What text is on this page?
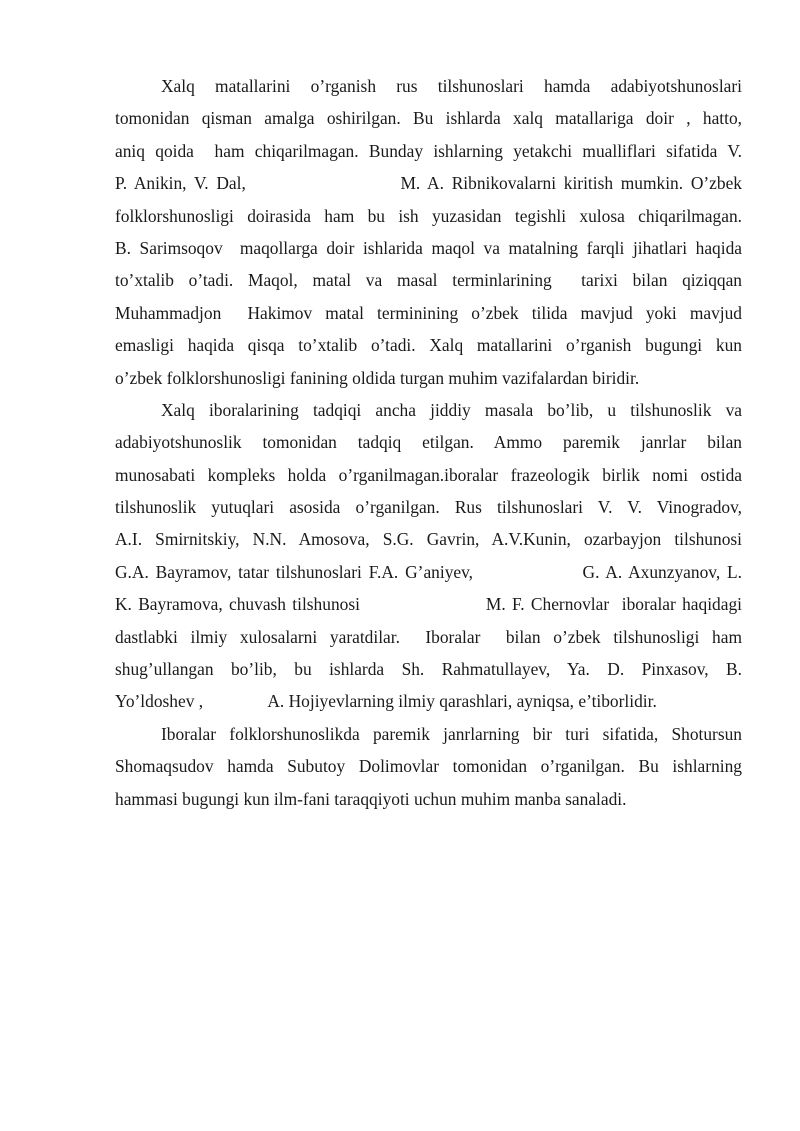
Xalq matallarini o’rganish rus tilshunoslari hamda adabiyotshunoslari
tomonidan qisman amalga oshirilgan. Bu ishlarda xalq matallariga doir , hatto,
aniq qoida  ham chiqarilmagan. Bunday ishlarning yetakchi mualliflari sifatida V.
P. Anikin, V. Dal,                    M. A. Ribnikovalarni kiritish mumkin. O’zbek
folklorshunosligi doirasida ham bu ish yuzasidan tegishli xulosa chiqarilmagan.
B. Sarimsoqov  maqollarga doir ishlarida maqol va matalning farqli jihatlari haqida
to’xtalib o’tadi. Maqol, matal va masal terminlarining  tarixi bilan qiziqqan
Muhammadjon  Hakimov matal terminining o’zbek tilida mavjud yoki mavjud
emasligi haqida qisqa to’xtalib o’tadi. Xalq matallarini o’rganish bugungi kun
o’zbek folklorshunosligi fanining oldida turgan muhim vazifalardan biridir.
Xalq iboralarining tadqiqi ancha jiddiy masala bo’lib, u tilshunoslik va
adabiyotshunoslik tomonidan tadqiq etilgan. Ammo paremik janrlar bilan
munosabati kompleks holda o’rganilmagan.iboralar frazeologik birlik nomi ostida
tilshunoslik yutuqlari asosida o’rganilgan. Rus tilshunoslari V. V. Vinogradov,
A.I. Smirnitskiy, N.N. Amosova, S.G. Gavrin, A.V.Kunin, ozarbayjon tilshunosi
G.A. Bayramov, tatar tilshunoslari F.A. G’aniyev,                G. A. Axunzyanov, L.
K. Bayramova, chuvash tilshunosi                    M. F. Chernovlar  iboralar haqidagi
dastlabki ilmiy xulosalarni yaratdilar.  Iboralar  bilan o’zbek tilshunosligi ham
shug’ullangan bo’lib, bu ishlarda Sh. Rahmatullayev, Ya. D. Pinxasov, B.
Yo’ldoshev ,               A. Hojiyevlarning ilmiy qarashlari, ayniqsa, e’tiborlidir.
Iboralar folklorshunoslikda paremik janrlarning bir turi sifatida, Shotursun
Shomaqsudov hamda Subutoy Dolimovlar tomonidan o’rganilgan. Bu ishlarning
hammasi bugungi kun ilm-fani taraqqiyoti uchun muhim manba sanaladi.
